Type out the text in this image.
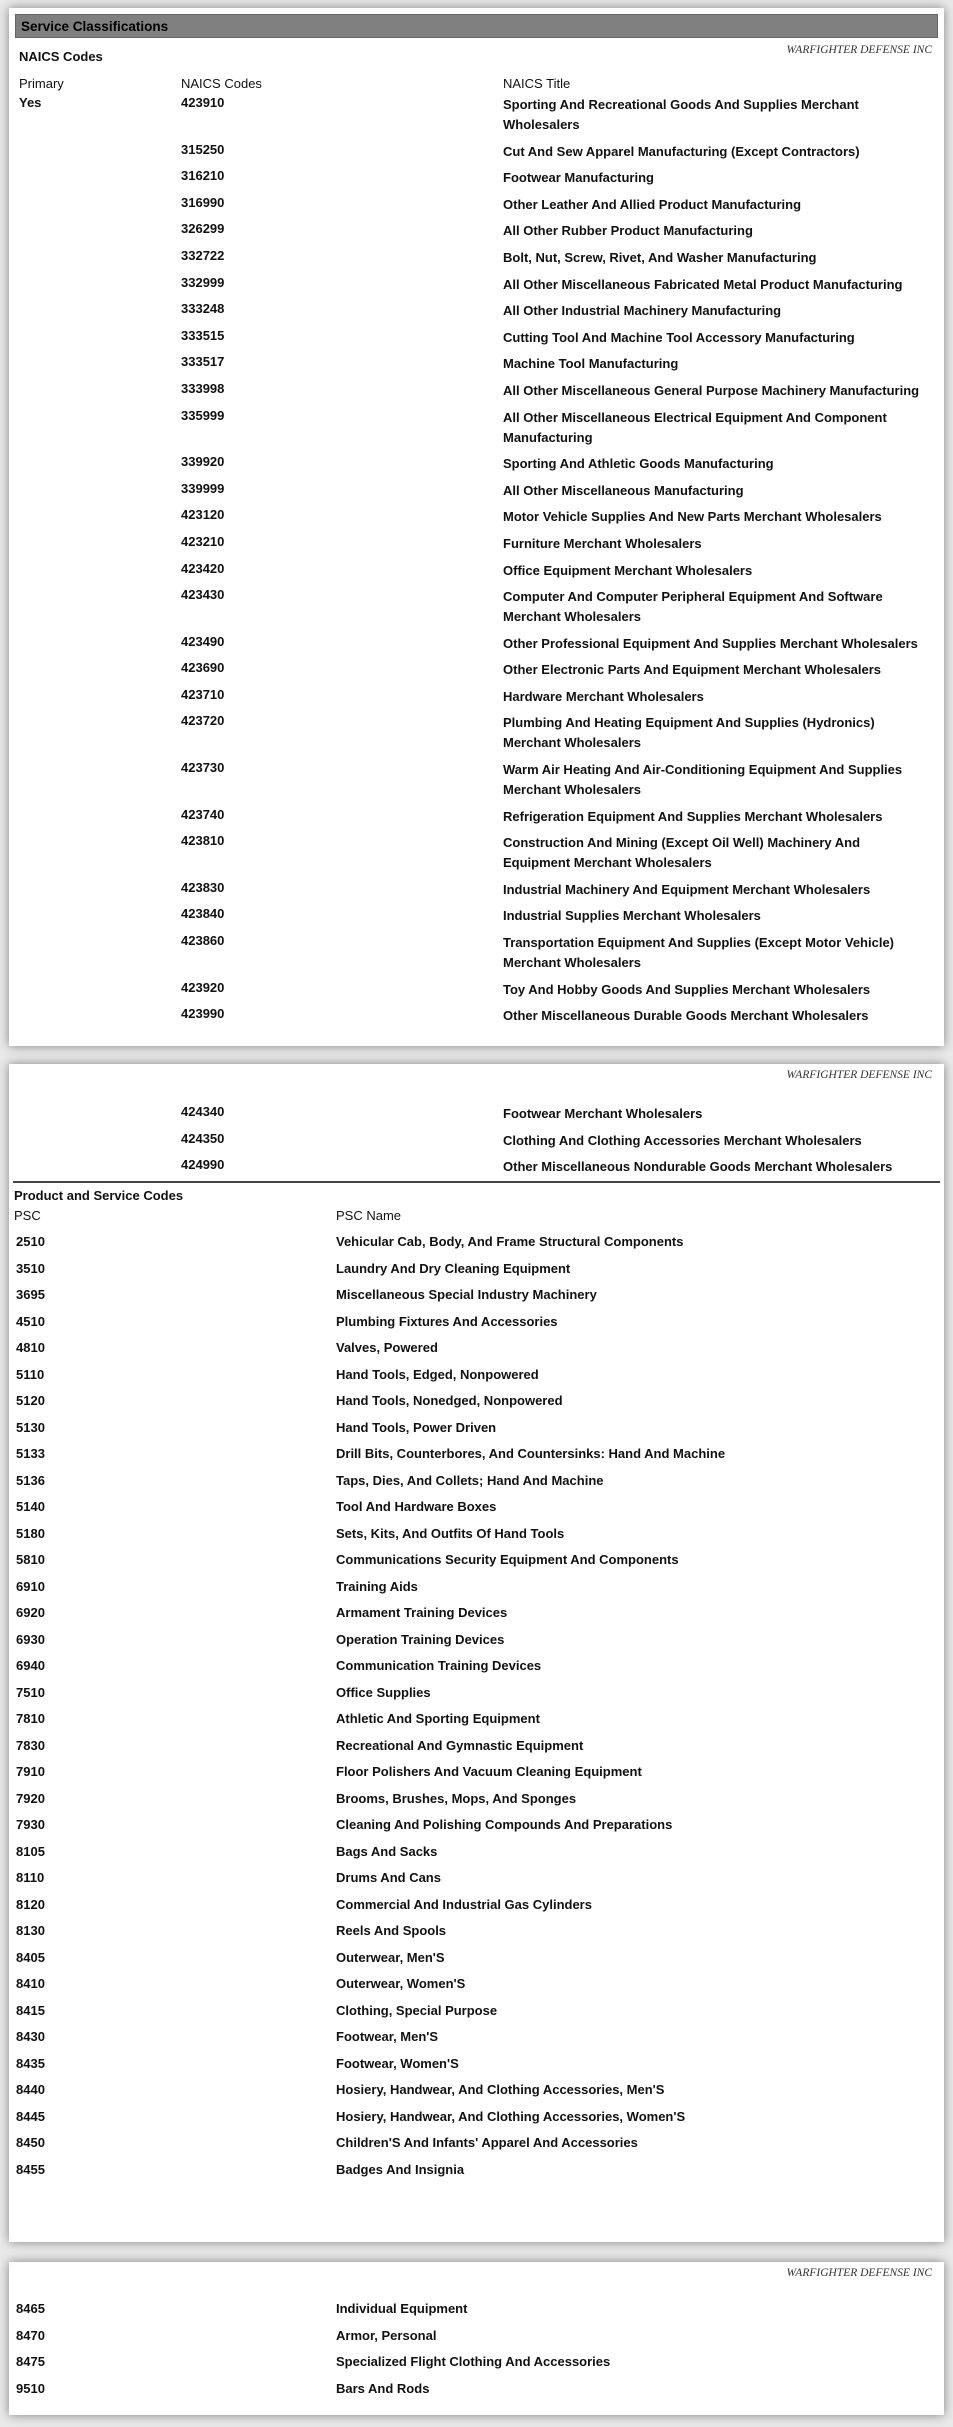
Service Classifications
WARFIGHTER DEFENSE INC
NAICS Codes
Primary	NAICS Codes	NAICS Title
Yes	423910	Sporting And Recreational Goods And Supplies Merchant Wholesalers
315250	Cut And Sew Apparel Manufacturing (Except Contractors)
316210	Footwear Manufacturing
316990	Other Leather And Allied Product Manufacturing
326299	All Other Rubber Product Manufacturing
332722	Bolt, Nut, Screw, Rivet, And Washer Manufacturing
332999	All Other Miscellaneous Fabricated Metal Product Manufacturing
333248	All Other Industrial Machinery Manufacturing
333515	Cutting Tool And Machine Tool Accessory Manufacturing
333517	Machine Tool Manufacturing
333998	All Other Miscellaneous General Purpose Machinery Manufacturing
335999	All Other Miscellaneous Electrical Equipment And Component Manufacturing
339920	Sporting And Athletic Goods Manufacturing
339999	All Other Miscellaneous Manufacturing
423120	Motor Vehicle Supplies And New Parts Merchant Wholesalers
423210	Furniture Merchant Wholesalers
423420	Office Equipment Merchant Wholesalers
423430	Computer And Computer Peripheral Equipment And Software Merchant Wholesalers
423490	Other Professional Equipment And Supplies Merchant Wholesalers
423690	Other Electronic Parts And Equipment Merchant Wholesalers
423710	Hardware Merchant Wholesalers
423720	Plumbing And Heating Equipment And Supplies (Hydronics) Merchant Wholesalers
423730	Warm Air Heating And Air-Conditioning Equipment And Supplies Merchant Wholesalers
423740	Refrigeration Equipment And Supplies Merchant Wholesalers
423810	Construction And Mining (Except Oil Well) Machinery And Equipment Merchant Wholesalers
423830	Industrial Machinery And Equipment Merchant Wholesalers
423840	Industrial Supplies Merchant Wholesalers
423860	Transportation Equipment And Supplies (Except Motor Vehicle) Merchant Wholesalers
423920	Toy And Hobby Goods And Supplies Merchant Wholesalers
423990	Other Miscellaneous Durable Goods Merchant Wholesalers
WARFIGHTER DEFENSE INC
424340	Footwear Merchant Wholesalers
424350	Clothing And Clothing Accessories Merchant Wholesalers
424990	Other Miscellaneous Nondurable Goods Merchant Wholesalers
Product and Service Codes
PSC	PSC Name
2510	Vehicular Cab, Body, And Frame Structural Components
3510	Laundry And Dry Cleaning Equipment
3695	Miscellaneous Special Industry Machinery
4510	Plumbing Fixtures And Accessories
4810	Valves, Powered
5110	Hand Tools, Edged, Nonpowered
5120	Hand Tools, Nonedged, Nonpowered
5130	Hand Tools, Power Driven
5133	Drill Bits, Counterbores, And Countersinks: Hand And Machine
5136	Taps, Dies, And Collets; Hand And Machine
5140	Tool And Hardware Boxes
5180	Sets, Kits, And Outfits Of Hand Tools
5810	Communications Security Equipment And Components
6910	Training Aids
6920	Armament Training Devices
6930	Operation Training Devices
6940	Communication Training Devices
7510	Office Supplies
7810	Athletic And Sporting Equipment
7830	Recreational And Gymnastic Equipment
7910	Floor Polishers And Vacuum Cleaning Equipment
7920	Brooms, Brushes, Mops, And Sponges
7930	Cleaning And Polishing Compounds And Preparations
8105	Bags And Sacks
8110	Drums And Cans
8120	Commercial And Industrial Gas Cylinders
8130	Reels And Spools
8405	Outerwear, Men'S
8410	Outerwear, Women'S
8415	Clothing, Special Purpose
8430	Footwear, Men'S
8435	Footwear, Women'S
8440	Hosiery, Handwear, And Clothing Accessories, Men'S
8445	Hosiery, Handwear, And Clothing Accessories, Women'S
8450	Children'S And Infants' Apparel And Accessories
8455	Badges And Insignia
WARFIGHTER DEFENSE INC
8465	Individual Equipment
8470	Armor, Personal
8475	Specialized Flight Clothing And Accessories
9510	Bars And Rods
